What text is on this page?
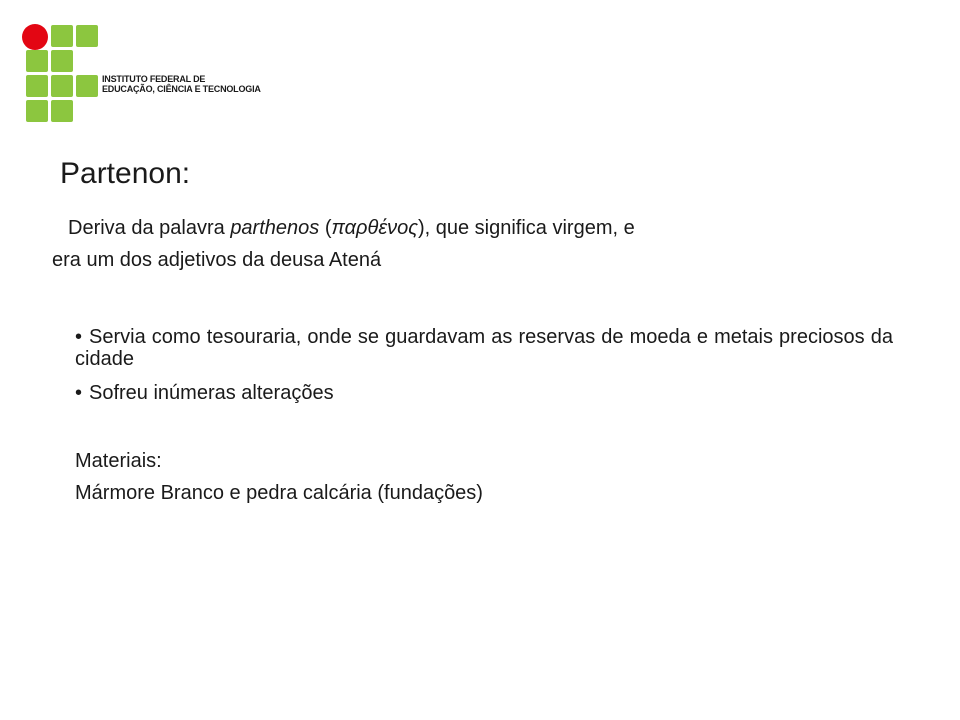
INSTITUTO FEDERAL DE
EDUCAÇÃO, CIÊNCIA E TECNOLOGIA
Partenon:
Deriva da palavra parthenos (παρθένος), que significa virgem, e
era um dos adjetivos da deusa Atená
• Servia como tesouraria, onde se guardavam as reservas de moeda e metais preciosos da cidade
• Sofreu inúmeras alterações
Materiais:
Mármore Branco e pedra calcária (fundações)
